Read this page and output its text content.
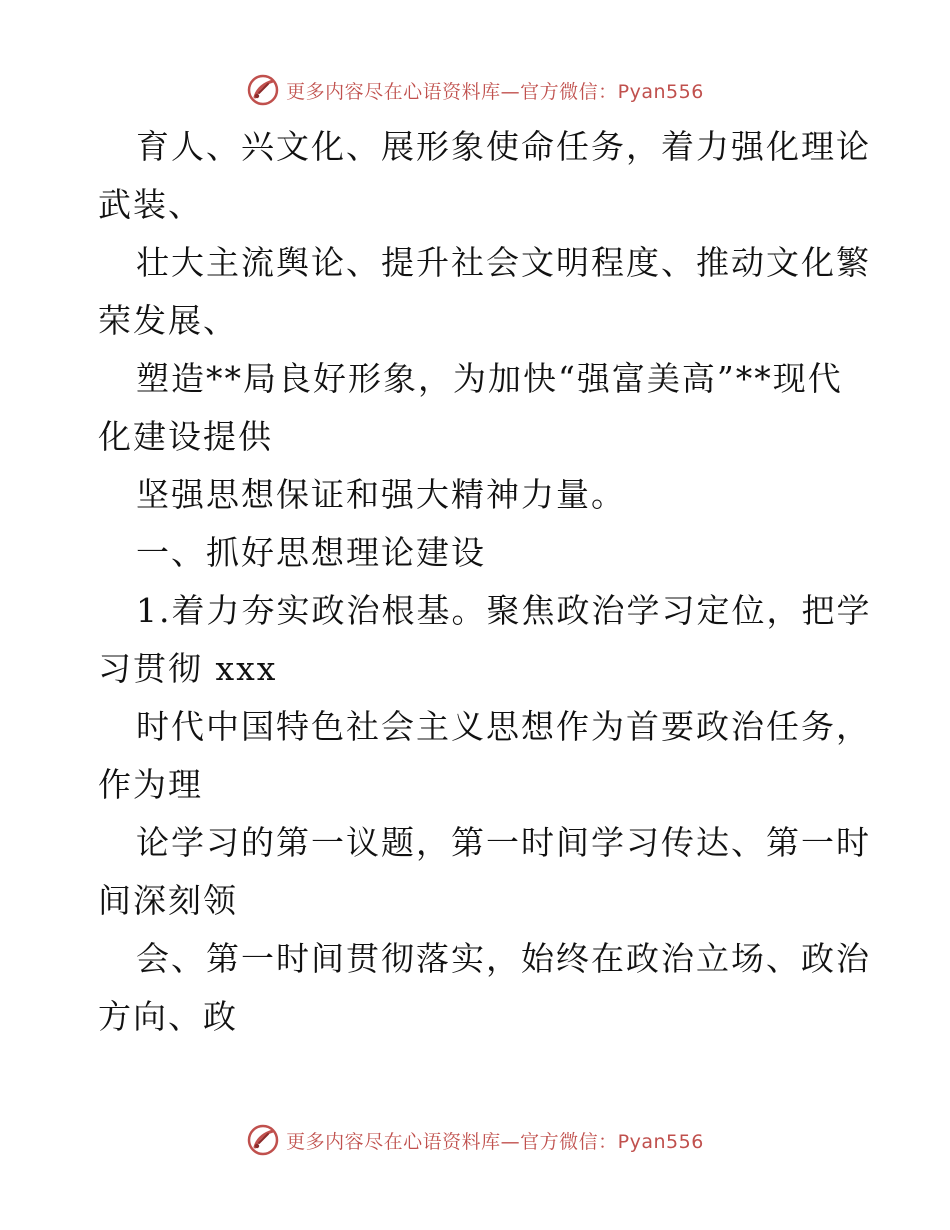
更多内容尽在心语资料库—官方微信：Pyan556
育人、兴文化、展形象使命任务，着力强化理论
武装、
壮大主流舆论、提升社会文明程度、推动文化繁
荣发展、
塑造**局良好形象，为加快“强富美高”**现代
化建设提供
坚强思想保证和强大精神力量。
一、抓好思想理论建设
1.着力夯实政治根基。聚焦政治学习定位，把学
习贯彻 xxx
时代中国特色社会主义思想作为首要政治任务，
作为理
论学习的第一议题，第一时间学习传达、第一时
间深刻领
会、第一时间贯彻落实，始终在政治立场、政治
方向、政
更多内容尽在心语资料库—官方微信：Pyan556
